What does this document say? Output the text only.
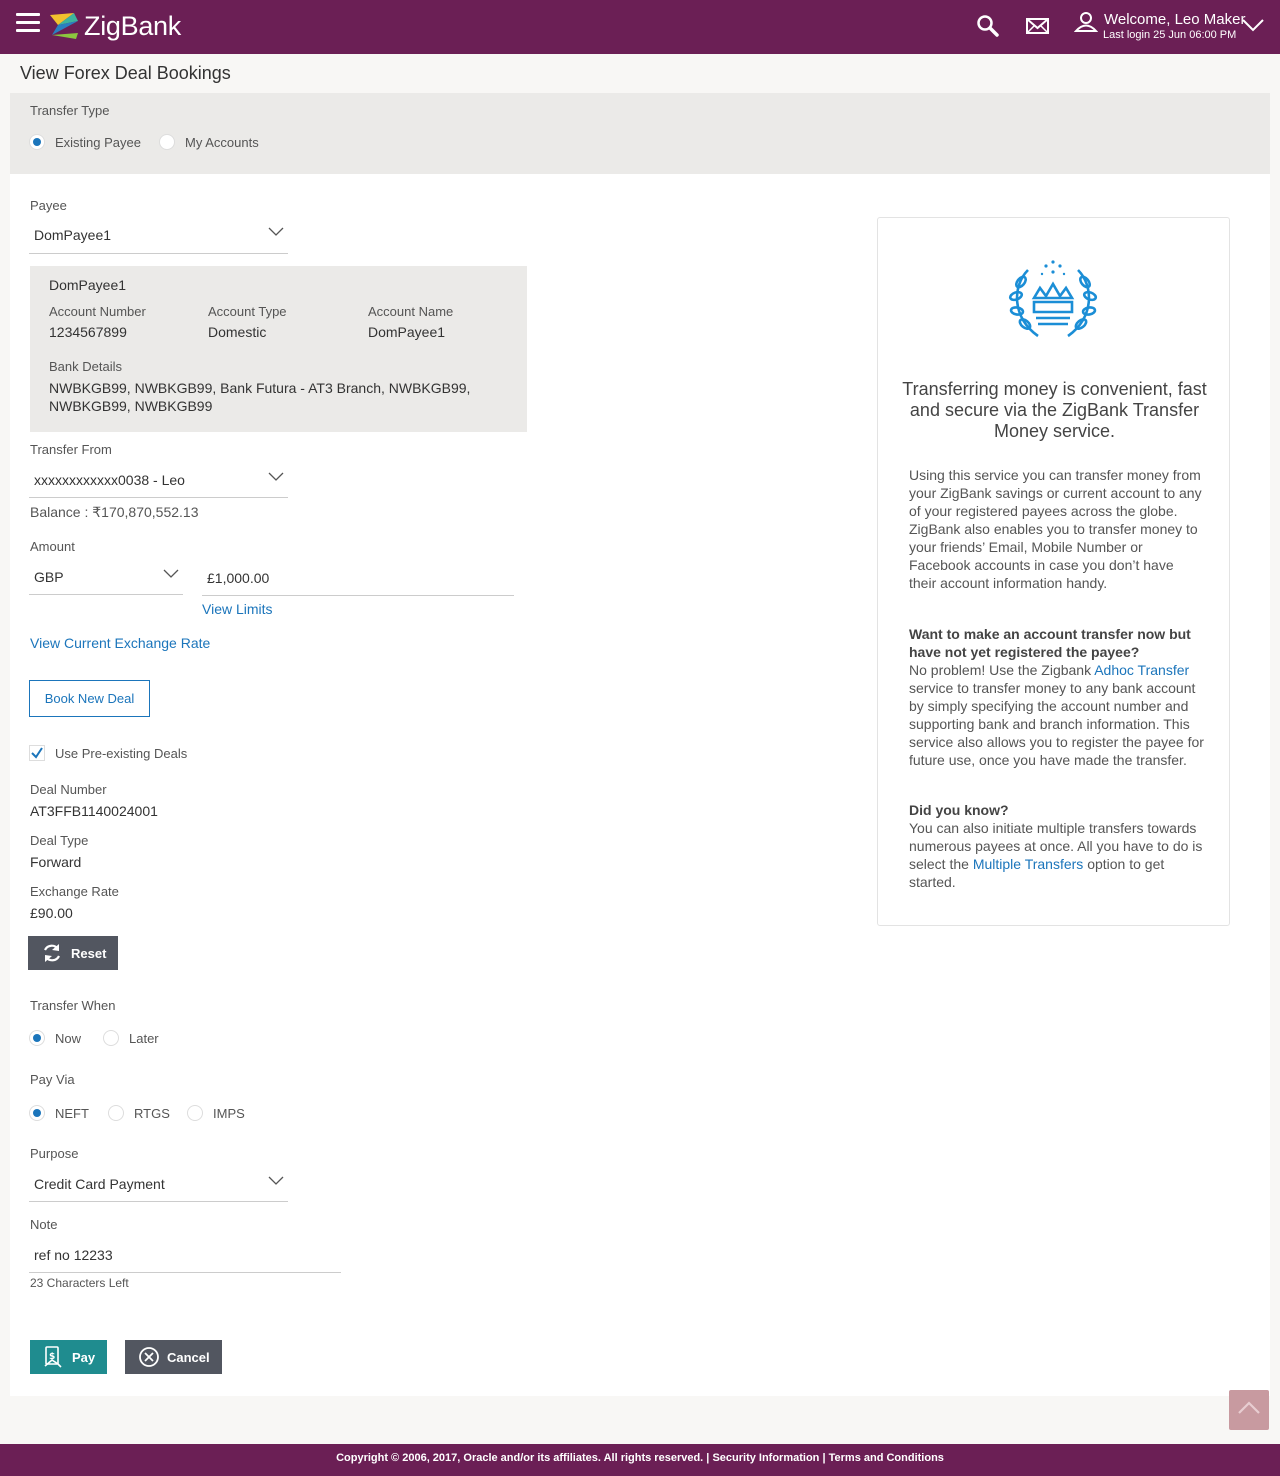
ZigBank	Welcome, Leo Maker
Last login 25 Jun 06:00 PM
View Forex Deal Bookings
Transfer Type
Existing Payee	My Accounts
Payee
DomPayee1
DomPayee1
Account Number
1234567899
Account Type
Domestic
Account Name
DomPayee1
Bank Details
NWBKGB99, NWBKGB99, Bank Futura - AT3 Branch, NWBKGB99,
NWBKGB99, NWBKGB99
Transfer From
xxxxxxxxxxxx0038 - Leo
Balance : ₹170,870,552.13
Amount
GBP	£1,000.00
View Limits
View Current Exchange Rate
Book New Deal
Use Pre-existing Deals
Deal Number
AT3FFB1140024001
Deal Type
Forward
Exchange Rate
£90.00
Reset
Transfer When
Now	Later
Pay Via
NEFT	RTGS	IMPS
Purpose
Credit Card Payment
Note
ref no 12233
23 Characters Left
$ Pay	Cancel
Transferring money is convenient, fast and secure via the ZigBank Transfer Money service.
Using this service you can transfer money from your ZigBank savings or current account to any of your registered payees across the globe. ZigBank also enables you to transfer money to your friends’ Email, Mobile Number or Facebook accounts in case you don’t have their account information handy.
Want to make an account transfer now but have not yet registered the payee?
No problem! Use the Zigbank Adhoc Transfer service to transfer money to any bank account by simply specifying the account number and supporting bank and branch information. This service also allows you to register the payee for future use, once you have made the transfer.
Did you know?
You can also initiate multiple transfers towards numerous payees at once. All you have to do is select the Multiple Transfers option to get started.
Copyright © 2006, 2017, Oracle and/or its affiliates. All rights reserved. | Security Information | Terms and Conditions
